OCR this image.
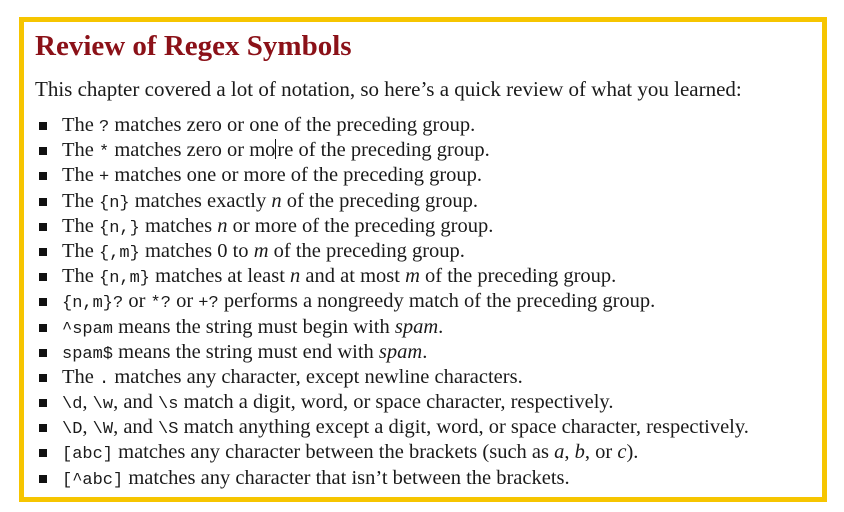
Review of Regex Symbols

This chapter covered a lot of notation, so here’s a quick review of what you learned:

The ? matches zero or one of the preceding group.
The * matches zero or more of the preceding group.
The + matches one or more of the preceding group.
The {n} matches exactly n of the preceding group.
The {n,} matches n or more of the preceding group.
The {,m} matches 0 to m of the preceding group.
The {n,m} matches at least n and at most m of the preceding group.
{n,m}? or *? or +? performs a nongreedy match of the preceding group.
^spam means the string must begin with spam.
spam$ means the string must end with spam.
The . matches any character, except newline characters.
\d, \w, and \s match a digit, word, or space character, respectively.
\D, \W, and \S match anything except a digit, word, or space character, respectively.
[abc] matches any character between the brackets (such as a, b, or c).
[^abc] matches any character that isn’t between the brackets.
